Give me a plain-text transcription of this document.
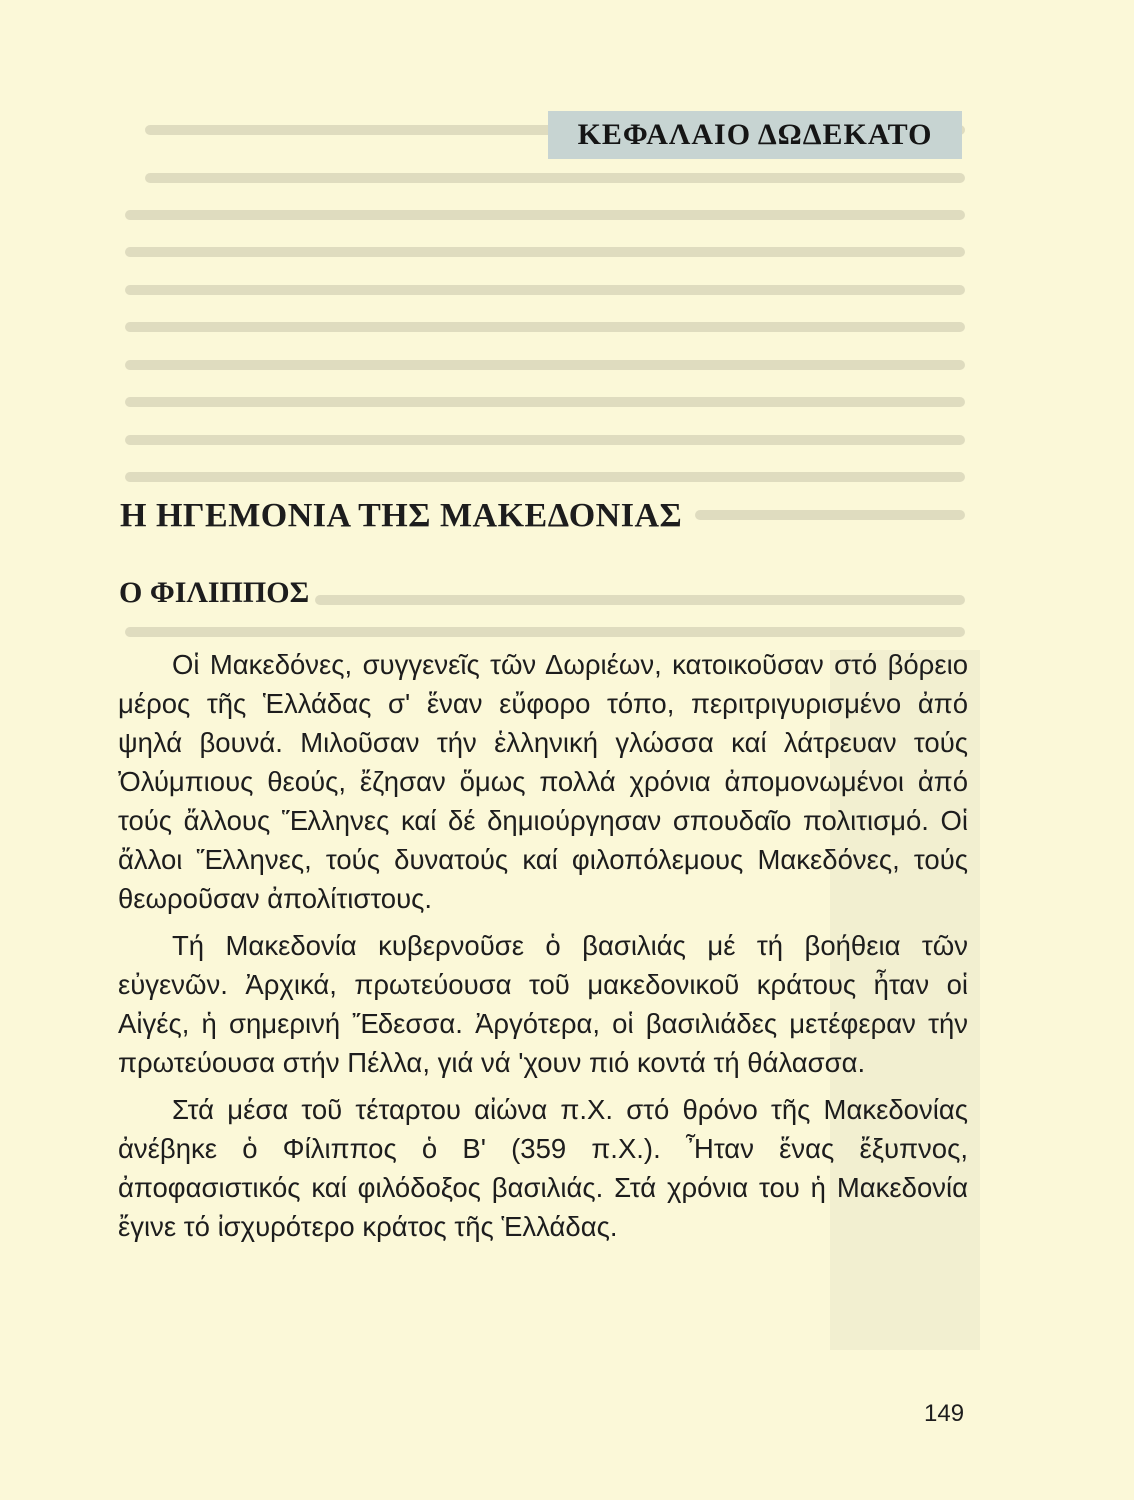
ΚΕΦΑΛΑΙΟ ΔΩΔΕΚΑΤΟ
Η ΗΓΕΜΟΝΙΑ ΤΗΣ ΜΑΚΕΔΟΝΙΑΣ
Ο ΦΙΛΙΠΠΟΣ

Οἱ Μακεδόνες, συγγενεῖς τῶν Δωριέων, κατοικοῦσαν στό βόρειο μέρος τῆς Ἑλλάδας σ' ἕναν εὔφορο τόπο, περιτριγυρισμένο ἀπό ψηλά βουνά. Μιλοῦσαν τήν ἑλληνική γλώσσα καί λάτρευαν τούς Ὀλύμπιους θεούς, ἔζησαν ὅμως πολλά χρόνια ἀπομονωμένοι ἀπό τούς ἄλλους Ἕλληνες καί δέ δημιούργησαν σπουδαῖο πολιτισμό. Οἱ ἄλλοι Ἕλληνες, τούς δυνατούς καί φιλοπόλεμους Μακεδόνες, τούς θεωροῦσαν ἀπολίτιστους.

Τή Μακεδονία κυβερνοῦσε ὁ βασιλιάς μέ τή βοήθεια τῶν εὐγενῶν. Ἀρχικά, πρωτεύουσα τοῦ μακεδονικοῦ κράτους ἦταν οἱ Αἰγές, ἡ σημερινή Ἔδεσσα. Ἀργότερα, οἱ βασιλιάδες μετέφεραν τήν πρωτεύουσα στήν Πέλλα, γιά νά 'χουν πιό κοντά τή θάλασσα.

Στά μέσα τοῦ τέταρτου αἰώνα π.Χ. στό θρόνο τῆς Μακεδονίας ἀνέβηκε ὁ Φίλιππος ὁ Β' (359 π.Χ.). Ἦταν ἕνας ἔξυπνος, ἀποφασιστικός καί φιλόδοξος βασιλιάς. Στά χρόνια του ἡ Μακεδονία ἔγινε τό ἰσχυρότερο κράτος τῆς Ἑλλάδας.

149
